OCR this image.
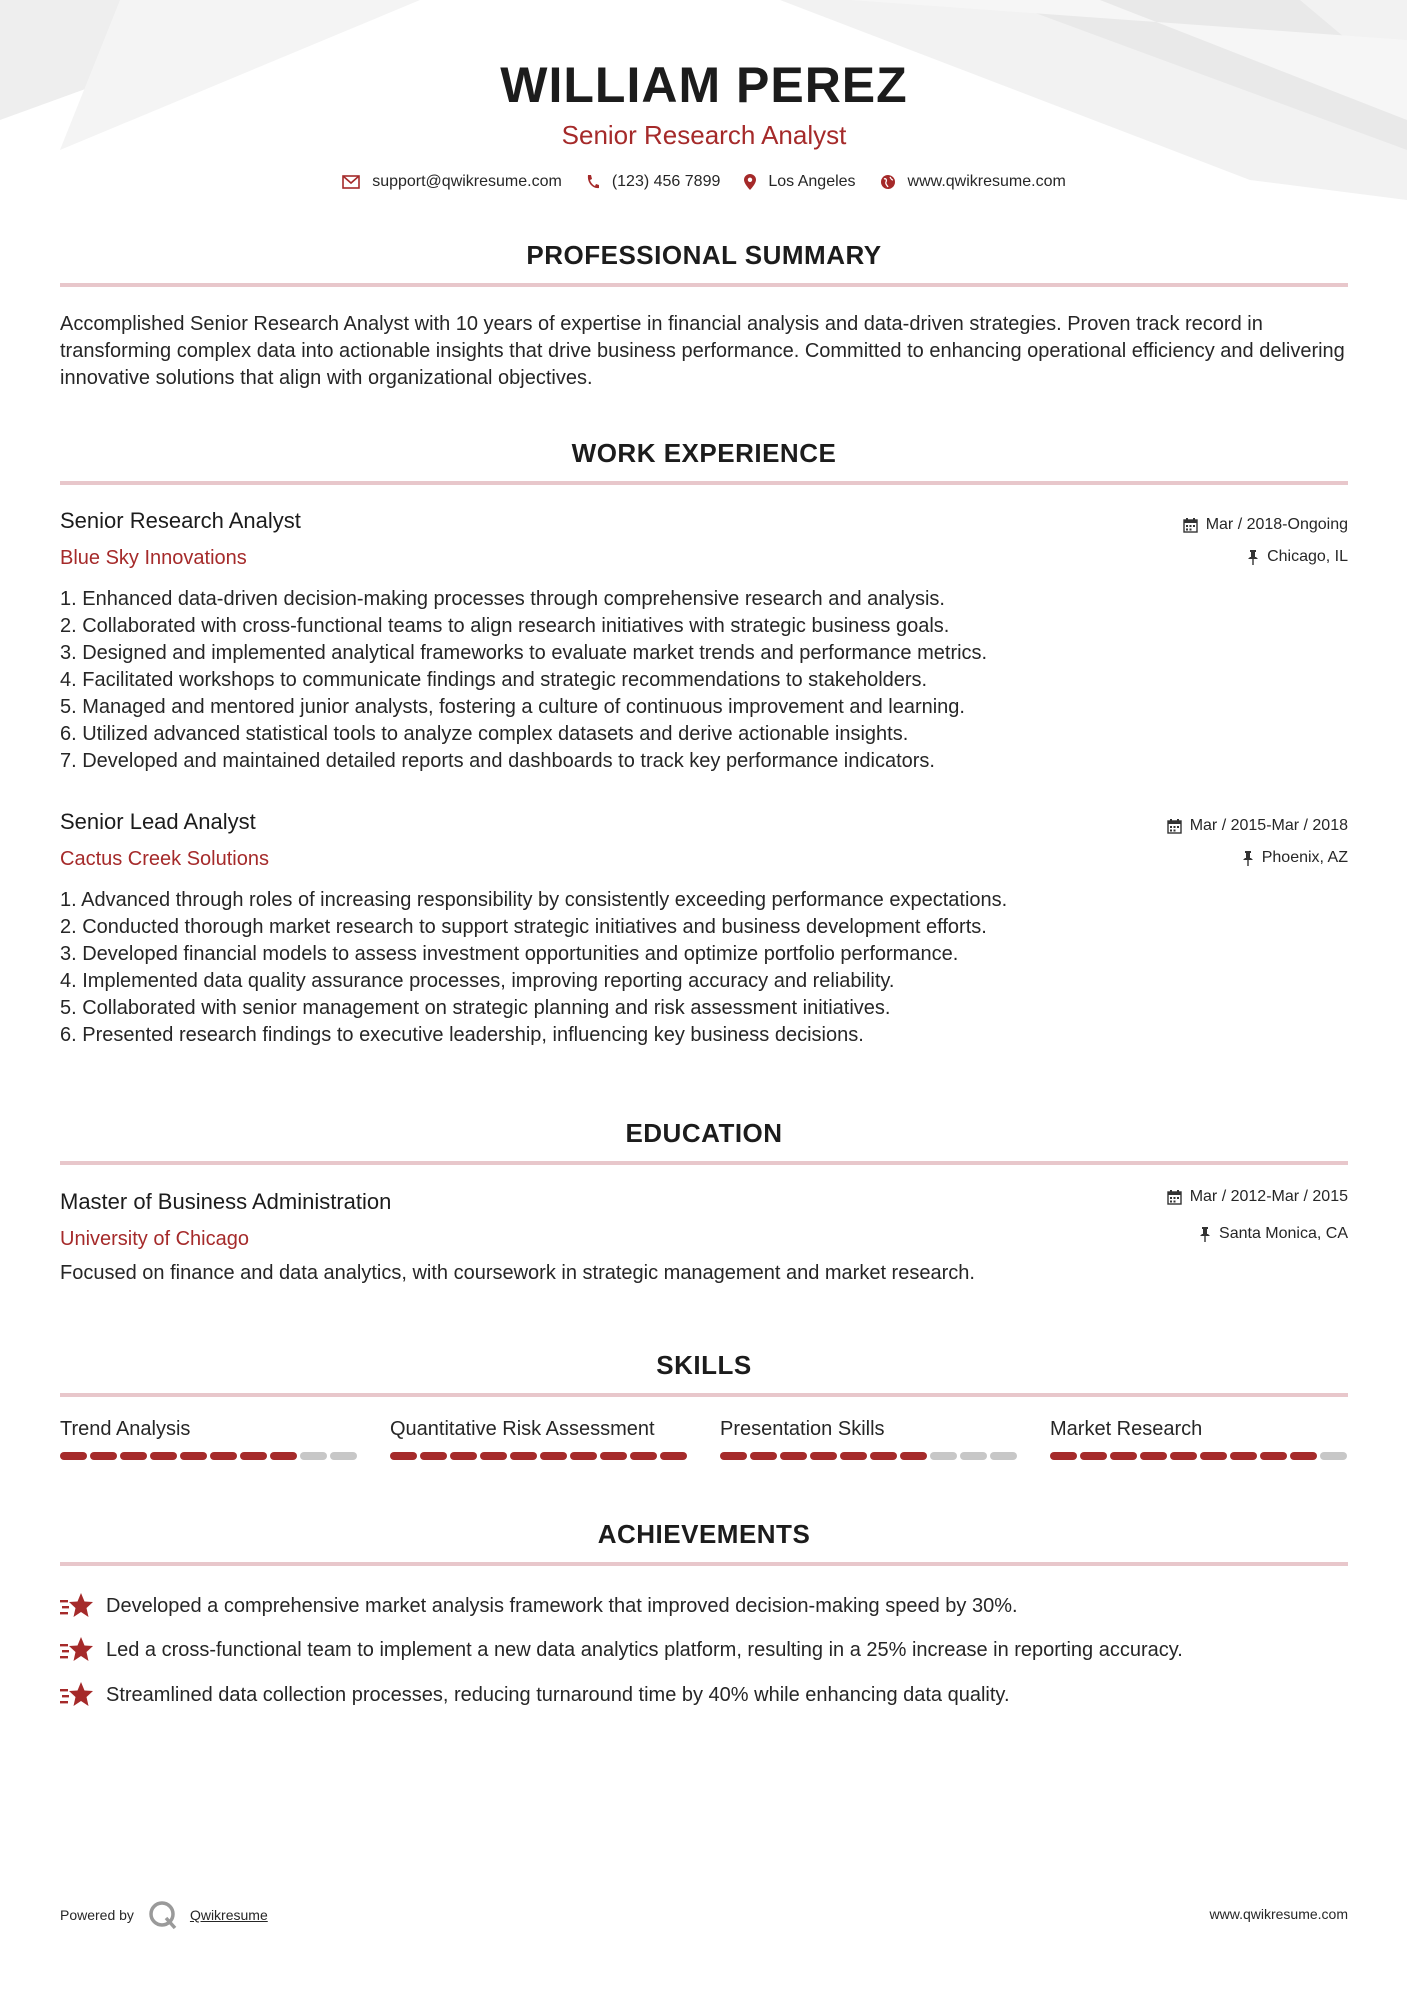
WILLIAM PEREZ
Senior Research Analyst
support@qwikresume.com	(123) 456 7899	Los Angeles	www.qwikresume.com
PROFESSIONAL SUMMARY
Accomplished Senior Research Analyst with 10 years of expertise in financial analysis and data-driven strategies. Proven track record in transforming complex data into actionable insights that drive business performance. Committed to enhancing operational efficiency and delivering innovative solutions that align with organizational objectives.
WORK EXPERIENCE
Senior Research Analyst
Blue Sky Innovations
Mar / 2018-Ongoing
Chicago, IL
1. Enhanced data-driven decision-making processes through comprehensive research and analysis.
2. Collaborated with cross-functional teams to align research initiatives with strategic business goals.
3. Designed and implemented analytical frameworks to evaluate market trends and performance metrics.
4. Facilitated workshops to communicate findings and strategic recommendations to stakeholders.
5. Managed and mentored junior analysts, fostering a culture of continuous improvement and learning.
6. Utilized advanced statistical tools to analyze complex datasets and derive actionable insights.
7. Developed and maintained detailed reports and dashboards to track key performance indicators.
Senior Lead Analyst
Cactus Creek Solutions
Mar / 2015-Mar / 2018
Phoenix, AZ
1. Advanced through roles of increasing responsibility by consistently exceeding performance expectations.
2. Conducted thorough market research to support strategic initiatives and business development efforts.
3. Developed financial models to assess investment opportunities and optimize portfolio performance.
4. Implemented data quality assurance processes, improving reporting accuracy and reliability.
5. Collaborated with senior management on strategic planning and risk assessment initiatives.
6. Presented research findings to executive leadership, influencing key business decisions.
EDUCATION
Master of Business Administration
University of Chicago
Mar / 2012-Mar / 2015
Santa Monica, CA
Focused on finance and data analytics, with coursework in strategic management and market research.
SKILLS
Trend Analysis	Quantitative Risk Assessment	Presentation Skills	Market Research
ACHIEVEMENTS
Developed a comprehensive market analysis framework that improved decision-making speed by 30%.
Led a cross-functional team to implement a new data analytics platform, resulting in a 25% increase in reporting accuracy.
Streamlined data collection processes, reducing turnaround time by 40% while enhancing data quality.
Powered by	Qwikresume	www.qwikresume.com
